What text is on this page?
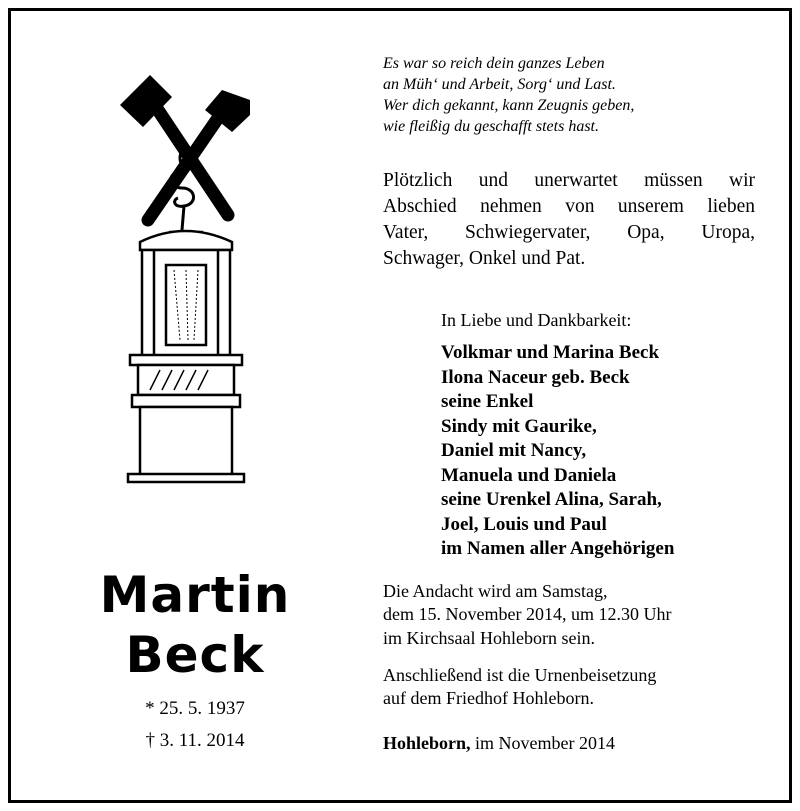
Martin
Beck
* 25. 5. 1937
† 3. 11. 2014
Es war so reich dein ganzes Leben
an Müh‘ und Arbeit, Sorg‘ und Last.
Wer dich gekannt, kann Zeugnis geben,
wie fleißig du geschafft stets hast.
Plötzlich und unerwartet müssen wir
Abschied nehmen von unserem lieben
Vater, Schwiegervater, Opa, Uropa,
Schwager, Onkel und Pat.
In Liebe und Dankbarkeit:
Volkmar und Marina Beck
Ilona Naceur geb. Beck
seine Enkel
Sindy mit Gaurike,
Daniel mit Nancy,
Manuela und Daniela
seine Urenkel Alina, Sarah,
Joel, Louis und Paul
im Namen aller Angehörigen
Die Andacht wird am Samstag,
dem 15. November 2014, um 12.30 Uhr
im Kirchsaal Hohleborn sein.
Anschließend ist die Urnenbeisetzung
auf dem Friedhof Hohleborn.
Hohleborn, im November 2014
